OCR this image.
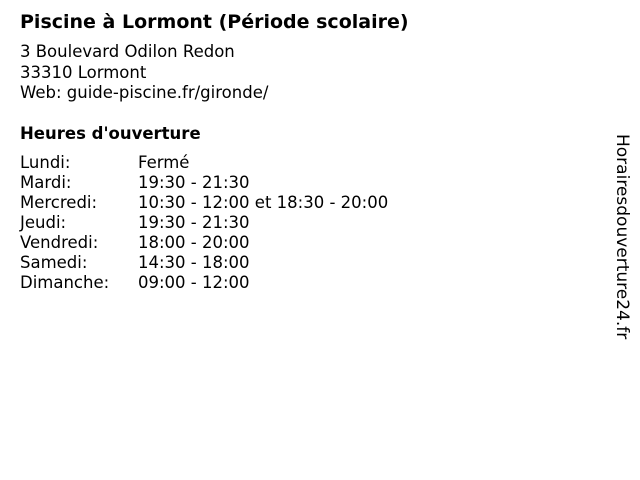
Piscine à Lormont (Période scolaire)
3 Boulevard Odilon Redon
33310 Lormont
Web: guide-piscine.fr/gironde/
Heures d'ouverture
Lundi:	Fermé
Mardi:	19:30 - 21:30
Mercredi:	10:30 - 12:00 et 18:30 - 20:00
Jeudi:	19:30 - 21:30
Vendredi:	18:00 - 20:00
Samedi:	14:30 - 18:00
Dimanche:	09:00 - 12:00	Horairesdouverture24.fr
